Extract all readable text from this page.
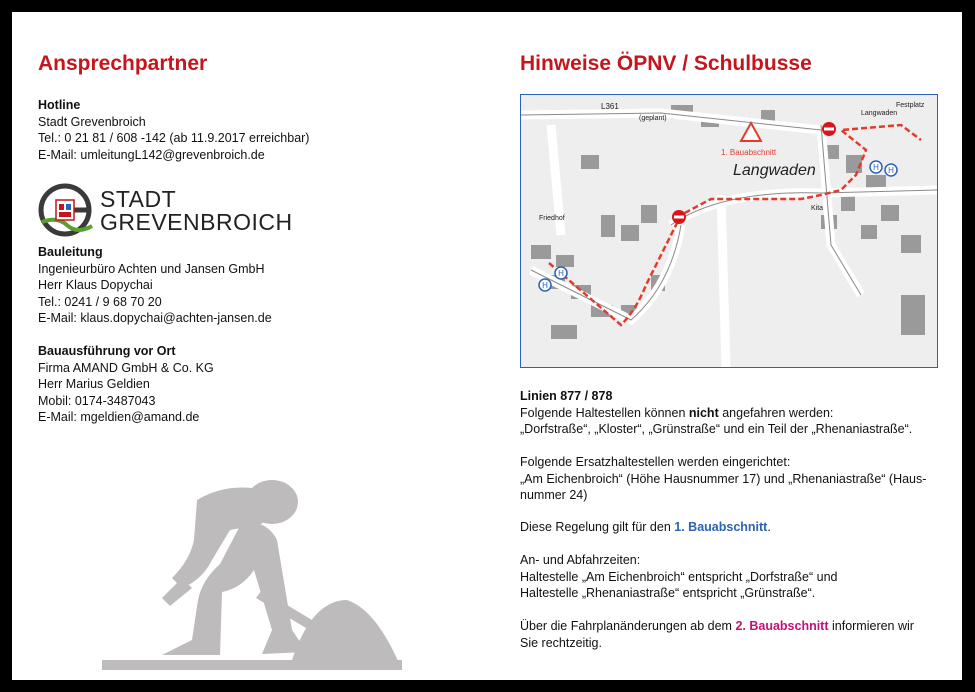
Ansprechpartner
Hotline
Stadt Grevenbroich
Tel.: 0 21 81 / 608 -142 (ab 11.9.2017 erreichbar)
E-Mail: umleitungL142@grevenbroich.de
STADT
GREVENBROICH
Bauleitung
Ingenieurbüro Achten und Jansen GmbH
Herr Klaus Dopychai
Tel.: 0241 / 9 68 70 20
E-Mail: klaus.dopychai@achten-jansen.de
Bauausführung vor Ort
Firma AMAND GmbH & Co. KG
Herr Marius Geldien
Mobil: 0174-3487043
E-Mail: mgeldien@amand.de
Hinweise ÖPNV / Schulbusse
H
H H
H
Langwaden
1. Bauabschnitt
L361
(geplant)
Friedhof
Kita
Langwaden
Festplatz
Linien 877 / 878
Folgende Haltestellen können nicht angefahren werden:
„Dorfstraße“, „Kloster“, „Grünstraße“ und ein Teil der „Rhenaniastraße“.
Folgende Ersatzhaltestellen werden eingerichtet:
„Am Eichenbroich“ (Höhe Hausnummer 17) und „Rhenaniastraße“ (Haus-
nummer 24)
Diese Regelung gilt für den 1. Bauabschnitt.
An- und Abfahrzeiten:
Haltestelle „Am Eichenbroich“ entspricht „Dorfstraße“ und
Haltestelle „Rhenaniastraße“ entspricht „Grünstraße“.
Über die Fahrplanänderungen ab dem 2. Bauabschnitt informieren wir
Sie rechtzeitig.
